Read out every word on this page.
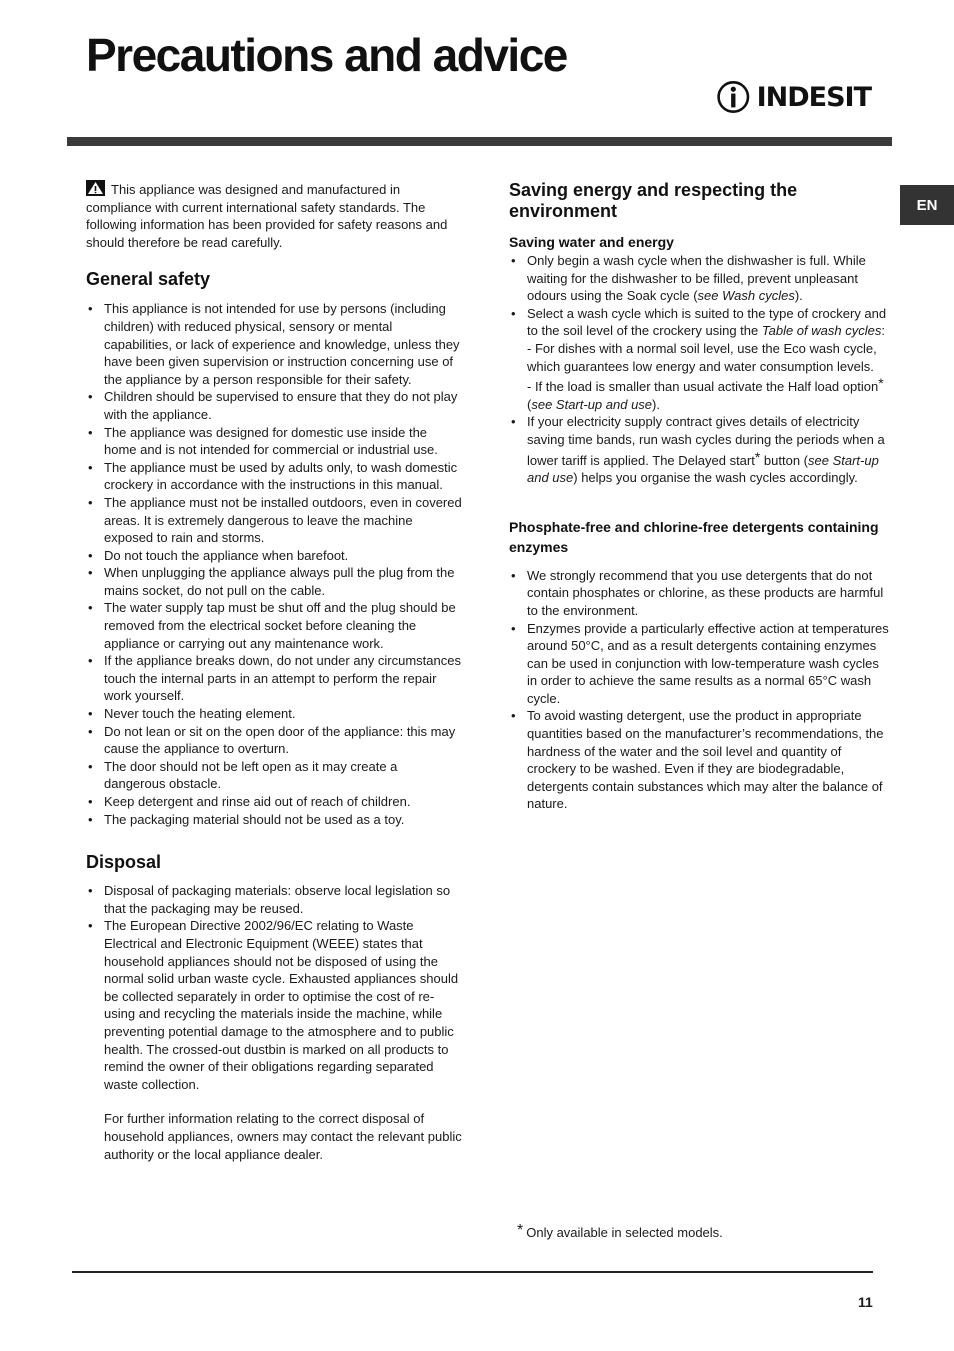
Precautions and advice
INDESIT
EN

This appliance was designed and manufactured in compliance with current international safety standards. The following information has been provided for safety reasons and should therefore be read carefully.

General safety
• This appliance is not intended for use by persons (including children) with reduced physical, sensory or mental capabilities, or lack of experience and knowledge, unless they have been given supervision or instruction concerning use of the appliance by a person responsible for their safety.
• Children should be supervised to ensure that they do not play with the appliance.
• The appliance was designed for domestic use inside the home and is not intended for commercial or industrial use.
• The appliance must be used by adults only, to wash domestic crockery in accordance with the instructions in this manual.
• The appliance must not be installed outdoors, even in covered areas. It is extremely dangerous to leave the machine exposed to rain and storms.
• Do not touch the appliance when barefoot.
• When unplugging the appliance always pull the plug from the mains socket, do not pull on the cable.
• The water supply tap must be shut off and the plug should be removed from the electrical socket before cleaning the appliance or carrying out any maintenance work.
• If the appliance breaks down, do not under any circumstances touch the internal parts in an attempt to perform the repair work yourself.
• Never touch the heating element.
• Do not lean or sit on the open door of the appliance: this may cause the appliance to overturn.
• The door should not be left open as it may create a dangerous obstacle.
• Keep detergent and rinse aid out of reach of children.
• The packaging material should not be used as a toy.
Disposal
• Disposal of packaging materials: observe local legislation so that the packaging may be reused.
• The European Directive 2002/96/EC relating to Waste Electrical and Electronic Equipment (WEEE) states that household appliances should not be disposed of using the normal solid urban waste cycle. Exhausted appliances should be collected separately in order to optimise the cost of re-using and recycling the materials inside the machine, while preventing potential damage to the atmosphere and to public health. The crossed-out dustbin is marked on all products to remind the owner of their obligations regarding separated waste collection.
For further information relating to the correct disposal of household appliances, owners may contact the relevant public authority or the local appliance dealer.
Saving energy and respecting the environment
Saving water and energy
• Only begin a wash cycle when the dishwasher is full. While waiting for the dishwasher to be filled, prevent unpleasant odours using the Soak cycle (see Wash cycles).
• Select a wash cycle which is suited to the type of crockery and to the soil level of the crockery using the Table of wash cycles:
- For dishes with a normal soil level, use the Eco wash cycle, which guarantees low energy and water consumption levels.
- If the load is smaller than usual activate the Half load option* (see Start-up and use).
• If your electricity supply contract gives details of electricity saving time bands, run wash cycles during the periods when a lower tariff is applied. The Delayed start* button (see Start-up and use) helps you organise the wash cycles accordingly.
Phosphate-free and chlorine-free detergents containing enzymes
• We strongly recommend that you use detergents that do not contain phosphates or chlorine, as these products are harmful to the environment.
• Enzymes provide a particularly effective action at temperatures around 50°C, and as a result detergents containing enzymes can be used in conjunction with low-temperature wash cycles in order to achieve the same results as a normal 65°C wash cycle.
• To avoid wasting detergent, use the product in appropriate quantities based on the manufacturer’s recommendations, the hardness of the water and the soil level and quantity of crockery to be washed. Even if they are biodegradable, detergents contain substances which may alter the balance of nature.
* Only available in selected models.
11
